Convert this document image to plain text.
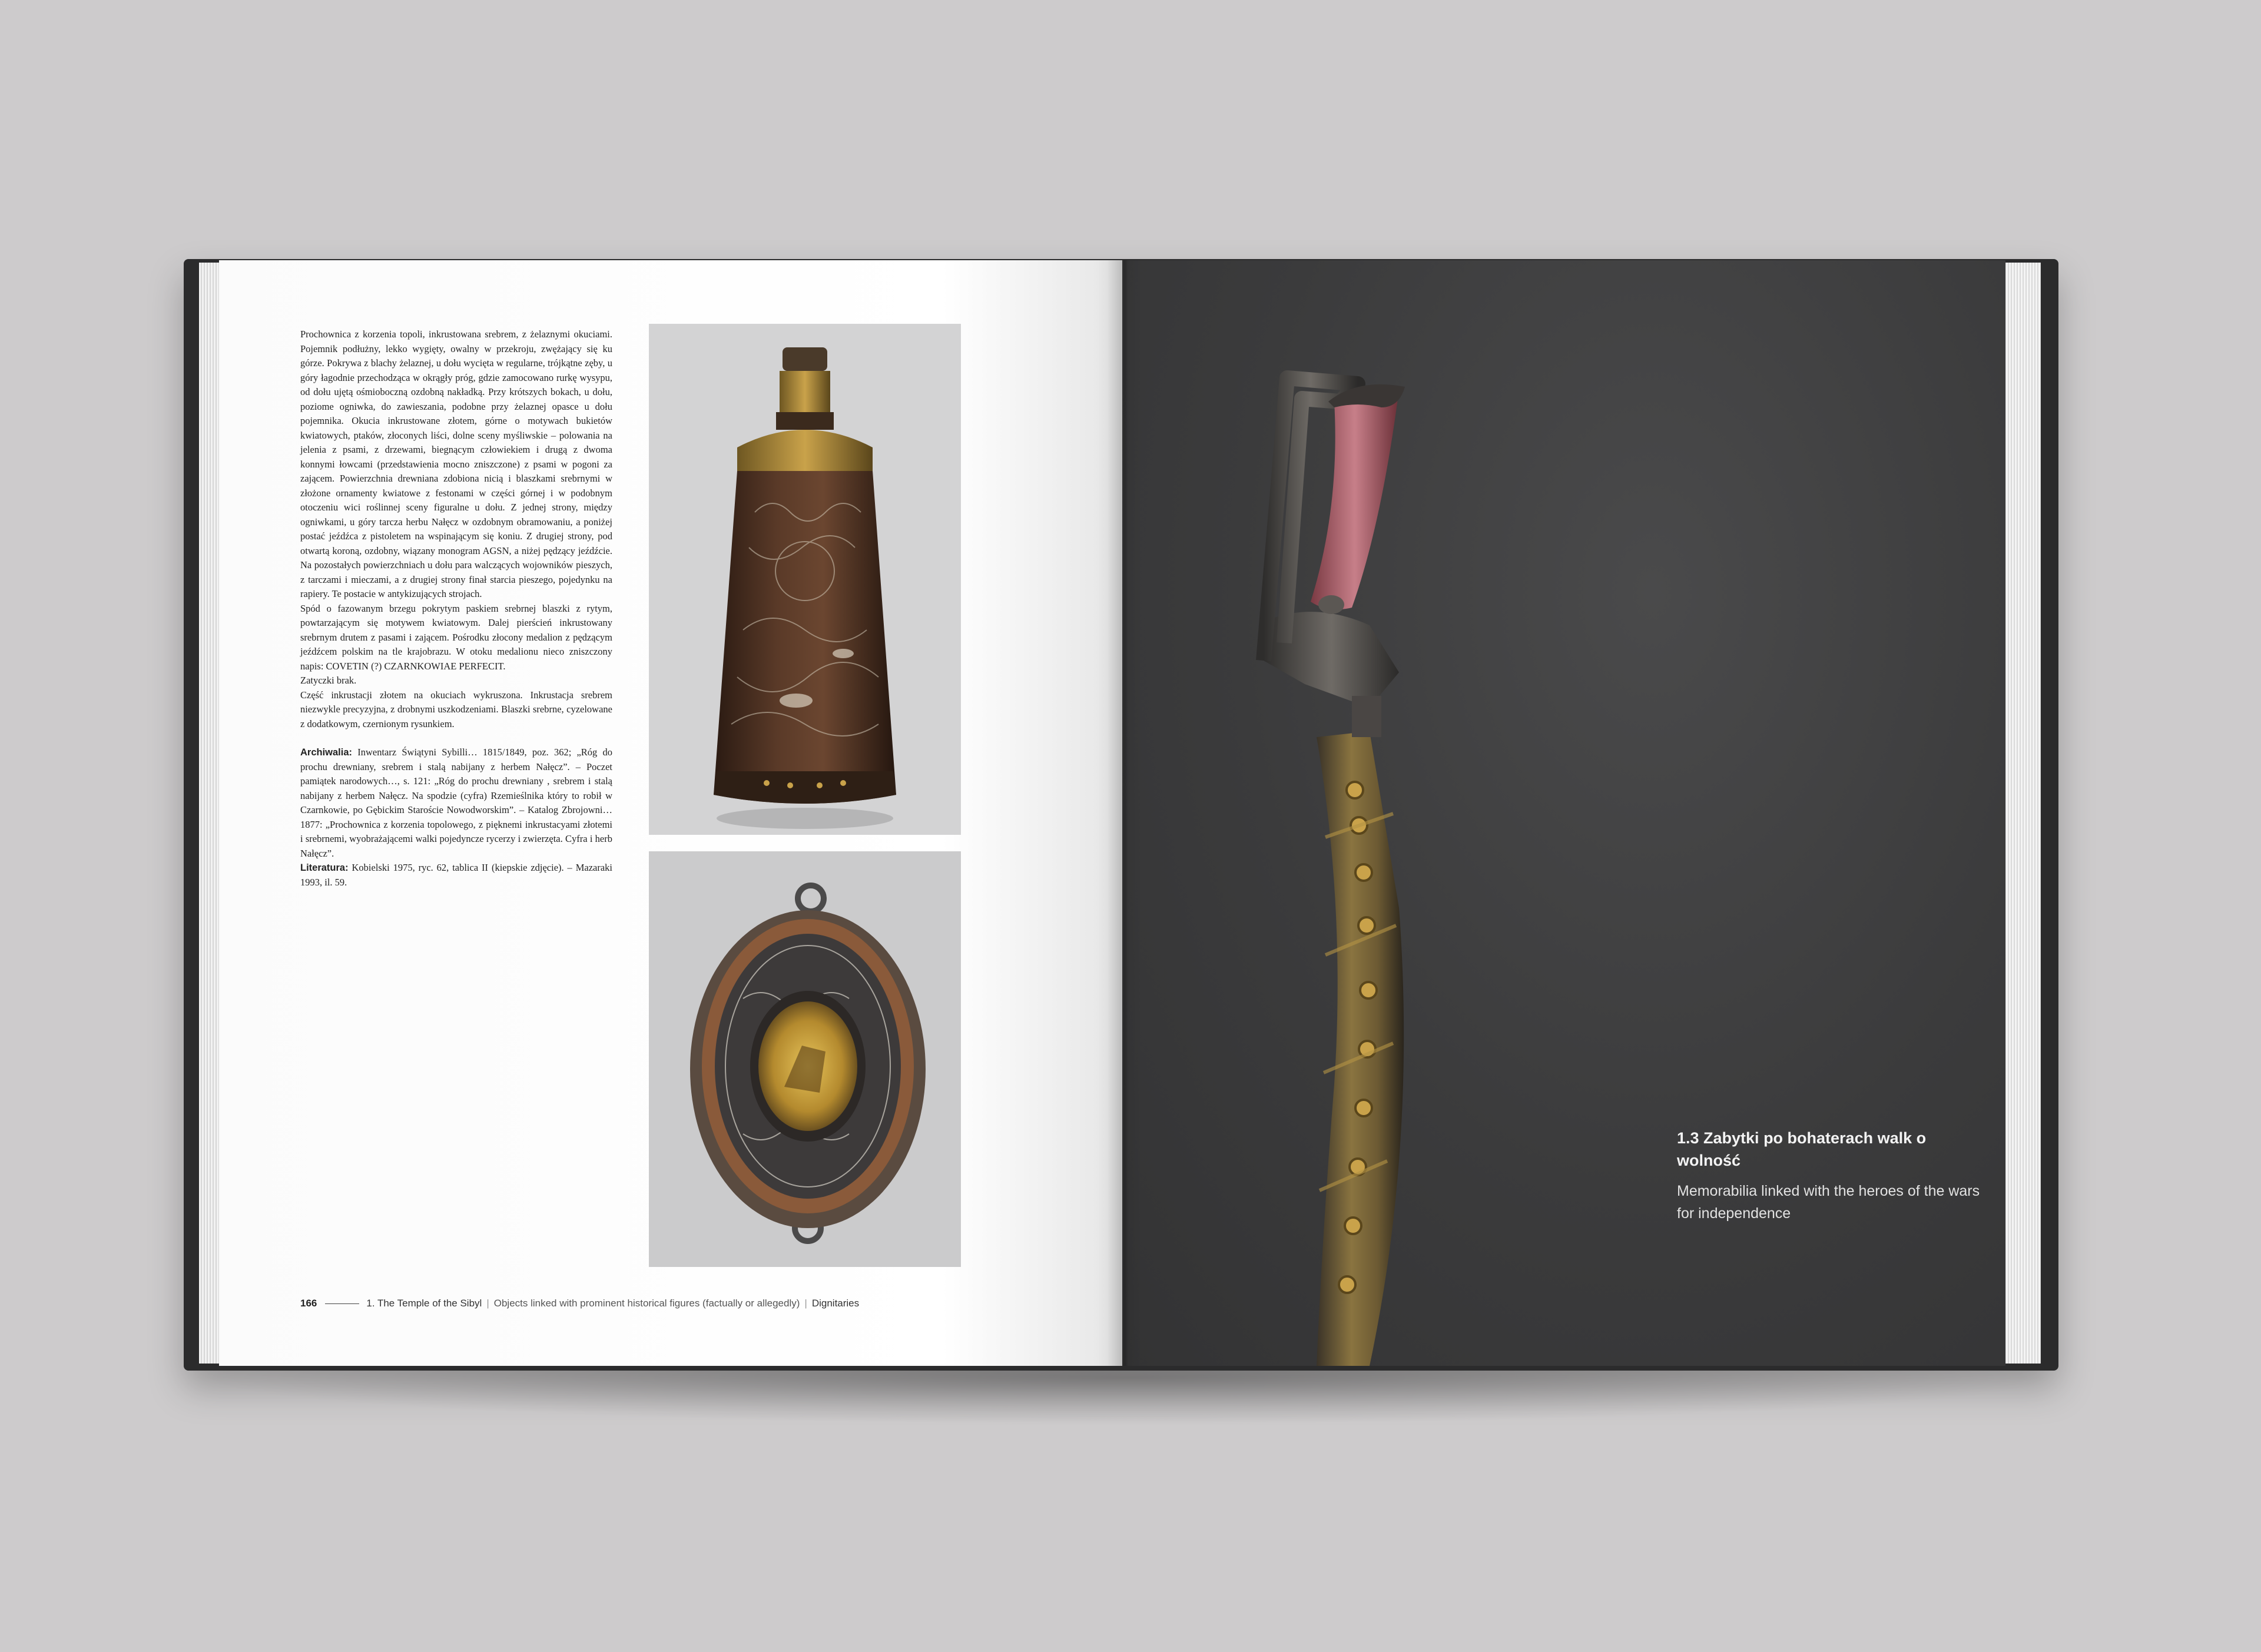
Prochownica z korzenia topoli, inkrustowana srebrem, z żelaznymi okuciami. Pojemnik podłużny, lekko wygięty, owalny w przekroju, zwężający się ku górze. Pokrywa z blachy żelaznej, u dołu wycięta w regularne, trójkątne zęby, u góry łagodnie przechodząca w okrągły próg, gdzie zamocowano rurkę wysypu, od dołu ujętą ośmioboczną ozdobną nakładką. Przy krótszych bokach, u dołu, poziome ogniwka, do zawieszania, podobne przy żelaznej opasce u dołu pojemnika. Okucia inkrustowane złotem, górne o motywach bukietów kwiatowych, ptaków, złoconych liści, dolne sceny myśliwskie – polowania na jelenia z psami, z drzewami, biegnącym człowiekiem i drugą z dwoma konnymi łowcami (przedstawienia mocno zniszczone) z psami w pogoni za zającem. Powierzchnia drewniana zdobiona nicią i blaszkami srebrnymi w złożone ornamenty kwiatowe z festonami w części górnej i w podobnym otoczeniu wici roślinnej sceny figuralne u dołu. Z jednej strony, między ogniwkami, u góry tarcza herbu Nałęcz w ozdobnym obramowaniu, a poniżej postać jeźdźca z pistoletem na wspinającym się koniu. Z drugiej strony, pod otwartą koroną, ozdobny, wiązany monogram AGSN, a niżej pędzący jeźdźcie. Na pozostałych powierzchniach u dołu para walczących wojowników pieszych, z tarczami i mieczami, a z drugiej strony finał starcia pieszego, pojedynku na rapiery. Te postacie w antykizujących strojach.

Spód o fazowanym brzegu pokrytym paskiem srebrnej blaszki z rytym, powtarzającym się motywem kwiatowym. Dalej pierścień inkrustowany srebrnym drutem z pasami i zającem. Pośrodku złocony medalion z pędzącym jeźdźcem polskim na tle krajobrazu. W otoku medalionu nieco zniszczony napis: COVETIN (?) CZARNKOWIAE PERFECIT.

Zatyczki brak.

Część inkrustacji złotem na okuciach wykruszona. Inkrustacja srebrem niezwykle precyzyjna, z drobnymi uszkodzeniami. Blaszki srebrne, cyzelowane z dodatkowym, czernionym rysunkiem.

Archiwalia: Inwentarz Świątyni Sybilli… 1815/1849, poz. 362; „Róg do prochu drewniany, srebrem i stalą nabijany z herbem Nałęcz”. – Poczet pamiątek narodowych…, s. 121: „Róg do prochu drewniany , srebrem i stalą nabijany z herbem Nałęcz. Na spodzie (cyfra) Rzemieślnika który to robił w Czarnkowie, po Gębickim Staroście Nowodworskim”. – Katalog Zbrojowni… 1877: „Prochownica z korzenia topolowego, z pięknemi inkrustacyami złotemi i srebrnemi, wyobrażającemi walki pojedyncze rycerzy i zwierzęta. Cyfra i herb Nałęcz”.

Literatura: Kobielski 1975, ryc. 62, tablica II (kiepskie zdjęcie). – Mazaraki 1993, il. 59.

166	1. The Temple of the Sibyl | Objects linked with prominent historical figures (factually or allegedly) | Dignitaries
1.3 Zabytki po bohaterach walk o wolność
Memorabilia linked with the heroes of the wars for independence
